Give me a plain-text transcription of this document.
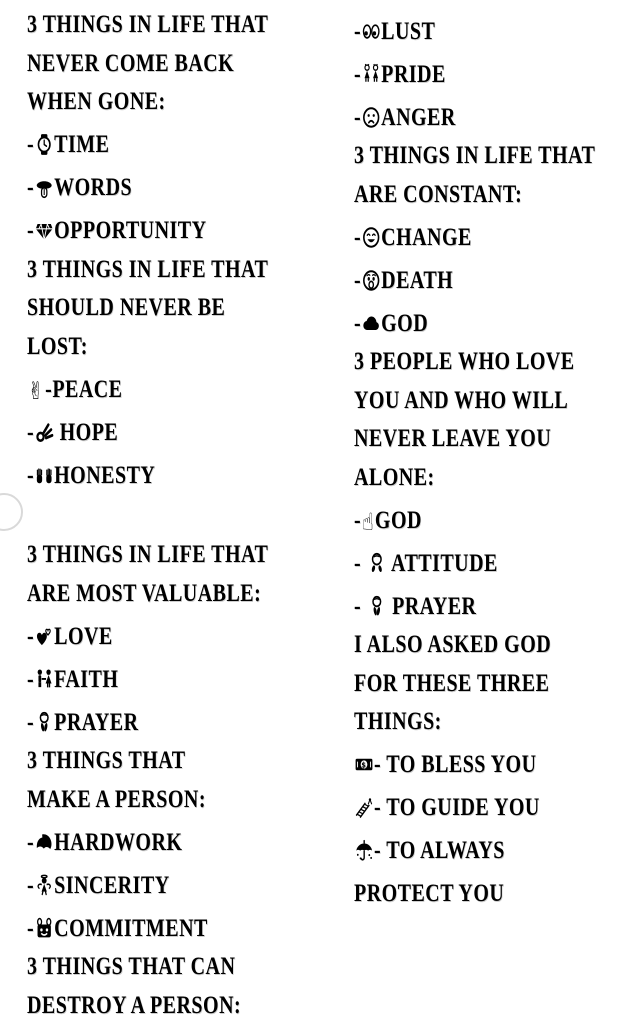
3 THINGS IN LIFE THAT
NEVER COME BACK
WHEN GONE:
- TIME
- WORDS
- OPPORTUNITY
3 THINGS IN LIFE THAT
SHOULD NEVER BE
LOST:
✌-PEACE
-
HOPE
- HONESTY
3 THINGS IN LIFE THAT
ARE MOST VALUABLE:
- LOVE
- FAITH
- PRAYER
3 THINGS THAT
MAKE A PERSON:
- HARDWORK
- SINCERITY
- COMMITMENT
3 THINGS THAT CAN
DESTROY A PERSON:
- LUST
- PRIDE
- ANGER
3 THINGS IN LIFE THAT
ARE CONSTANT:
- CHANGE
- DEATH
- GOD
3 PEOPLE WHO LOVE
YOU AND WHO WILL
NEVER LEAVE YOU
ALONE:
-☝GOD
-
ATTITUDE
-
PRAYER
I ALSO ASKED GOD
FOR THESE THREE
THINGS:
$ - TO BLESS YOU
- TO GUIDE YOU
- TO ALWAYS
PROTECT YOU
